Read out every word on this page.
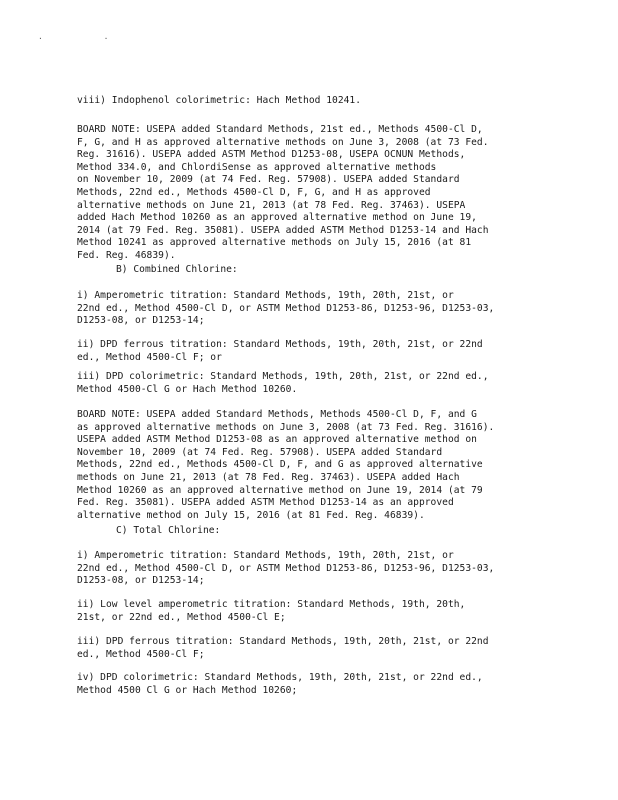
. .
viii) Indophenol colorimetric: Hach Method 10241.
BOARD NOTE: USEPA added Standard Methods, 21st ed., Methods 4500-Cl D,
F, G, and H as approved alternative methods on June 3, 2008 (at 73 Fed.
Reg. 31616). USEPA added ASTM Method D1253-08, USEPA OCNUN Methods,
Method 334.0, and ChlordiSense as approved alternative methods
on November 10, 2009 (at 74 Fed. Reg. 57908). USEPA added Standard
Methods, 22nd ed., Methods 4500-Cl D, F, G, and H as approved
alternative methods on June 21, 2013 (at 78 Fed. Reg. 37463). USEPA
added Hach Method 10260 as an approved alternative method on June 19,
2014 (at 79 Fed. Reg. 35081). USEPA added ASTM Method D1253-14 and Hach
Method 10241 as approved alternative methods on July 15, 2016 (at 81
Fed. Reg. 46839).
B) Combined Chlorine:
i) Amperometric titration: Standard Methods, 19th, 20th, 21st, or
22nd ed., Method 4500-Cl D, or ASTM Method D1253-86, D1253-96, D1253-03,
D1253-08, or D1253-14;
ii) DPD ferrous titration: Standard Methods, 19th, 20th, 21st, or 22nd
ed., Method 4500-Cl F; or
iii) DPD colorimetric: Standard Methods, 19th, 20th, 21st, or 22nd ed.,
Method 4500-Cl G or Hach Method 10260.
BOARD NOTE: USEPA added Standard Methods, Methods 4500-Cl D, F, and G
as approved alternative methods on June 3, 2008 (at 73 Fed. Reg. 31616).
USEPA added ASTM Method D1253-08 as an approved alternative method on
November 10, 2009 (at 74 Fed. Reg. 57908). USEPA added Standard
Methods, 22nd ed., Methods 4500-Cl D, F, and G as approved alternative
methods on June 21, 2013 (at 78 Fed. Reg. 37463). USEPA added Hach
Method 10260 as an approved alternative method on June 19, 2014 (at 79
Fed. Reg. 35081). USEPA added ASTM Method D1253-14 as an approved
alternative method on July 15, 2016 (at 81 Fed. Reg. 46839).
C) Total Chlorine:
i) Amperometric titration: Standard Methods, 19th, 20th, 21st, or
22nd ed., Method 4500-Cl D, or ASTM Method D1253-86, D1253-96, D1253-03,
D1253-08, or D1253-14;
ii) Low level amperometric titration: Standard Methods, 19th, 20th,
21st, or 22nd ed., Method 4500-Cl E;
iii) DPD ferrous titration: Standard Methods, 19th, 20th, 21st, or 22nd
ed., Method 4500-Cl F;
iv) DPD colorimetric: Standard Methods, 19th, 20th, 21st, or 22nd ed.,
Method 4500 Cl G or Hach Method 10260;
